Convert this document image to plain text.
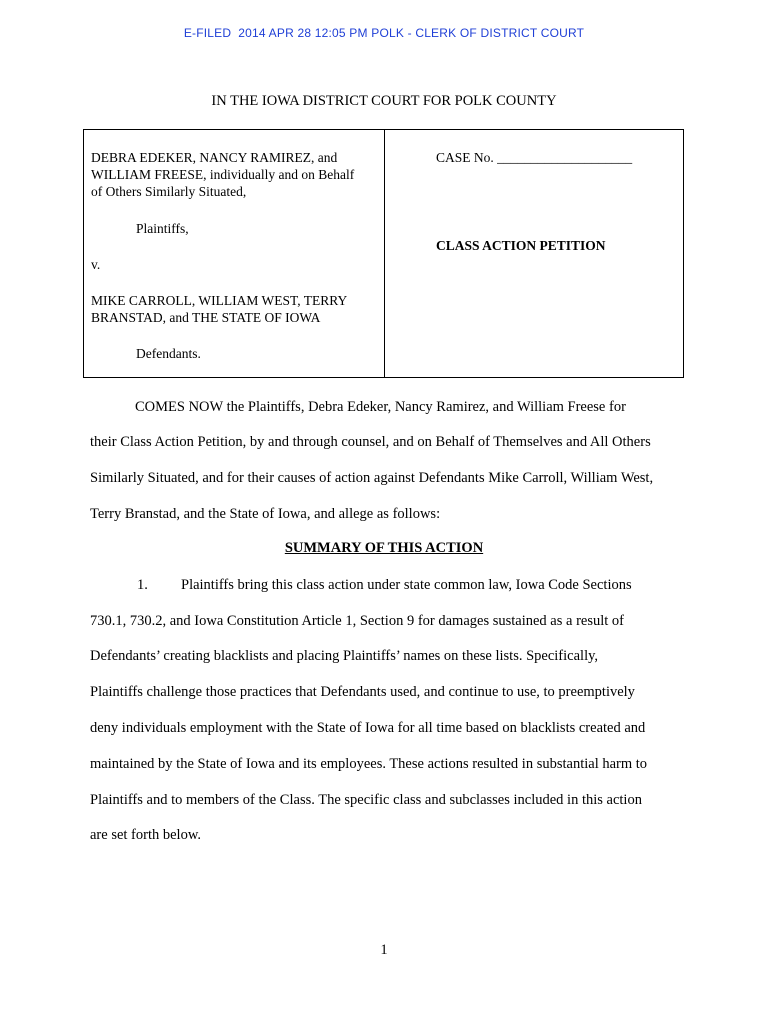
E-FILED  2014 APR 28 12:05 PM POLK - CLERK OF DISTRICT COURT
IN THE IOWA DISTRICT COURT FOR POLK COUNTY
DEBRA EDEKER, NANCY RAMIREZ, and
WILLIAM FREESE, individually and on Behalf
of Others Similarly Situated,
Plaintiffs,
v.
MIKE CARROLL, WILLIAM WEST, TERRY
BRANSTAD, and THE STATE OF IOWA
Defendants.
CASE No. ____________________
CLASS ACTION PETITION
COMES NOW the Plaintiffs, Debra Edeker, Nancy Ramirez, and William Freese for
their Class Action Petition, by and through counsel, and on Behalf of Themselves and All Others
Similarly Situated, and for their causes of action against Defendants Mike Carroll, William West,
Terry Branstad, and the State of Iowa, and allege as follows:
SUMMARY OF THIS ACTION
1.	Plaintiffs bring this class action under state common law, Iowa Code Sections
730.1, 730.2, and Iowa Constitution Article 1, Section 9 for damages sustained as a result of
Defendants’ creating blacklists and placing Plaintiffs’ names on these lists. Specifically,
Plaintiffs challenge those practices that Defendants used, and continue to use, to preemptively
deny individuals employment with the State of Iowa for all time based on blacklists created and
maintained by the State of Iowa and its employees. These actions resulted in substantial harm to
Plaintiffs and to members of the Class. The specific class and subclasses included in this action
are set forth below.
1
